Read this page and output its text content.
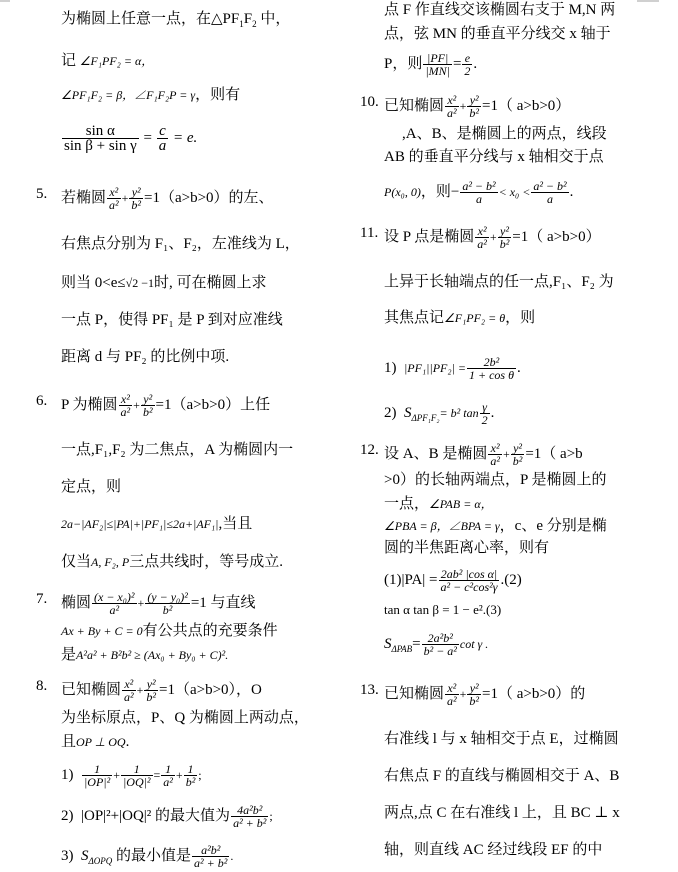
为椭圆上任意一点，在$\triangle PF_1F_2$ 中，
记 ∠F₁PF₂ = α，
∠PF₁F₂ = β，∠F₁F₂P = γ，则有
$\frac{\text{sin α}}{\text{sin β + sin γ}} = \frac{c}{a} = e$.
5. 若椭圆 $\frac{\text{x²}}{\text{a²}} + \frac{\text{y²}}{\text{b²}} =1(a>b>0)$的左、
右焦点分别为 F₁、F₂，左准线为 L，
则当 0<e≤√2 −1时, 可在椭圆上求
一点 P，使得 PF₁ 是 P 到对应准线
距离 d 与 PF₂ 的比例中项.
6. P 为椭圆 $\frac{\text{x²}}{\text{a²}} + \frac{\text{y²}}{\text{b²}} =1(a>b>0)$上任
一点,F₁,F₂ 为二焦点，A 为椭圆内一
定点，则
2a−|AF₂|≤|PA|+|PF₁|≤2a+|AF₁|,当且
仅当A, F₂, P三点共线时，等号成立.
7. 椭圆 $\frac{\text{(x − x₀)²}}{\text{a²}} + \frac{\text{(y − y₀)²}}{\text{b²}} =1$ 与直线
Ax + By + C = 0有公共点的充要条件
是A²a² + B²b² ≥ (Ax₀ + By₀ + C)².
8. 已知椭圆 $\frac{\text{x²}}{\text{a²}} + \frac{\text{y²}}{\text{b²}} =1(a>b>0)$，O
为坐标原点，P、Q 为椭圆上两动点，
且OP ⊥ OQ.
$1) \frac{1}{\text{|OP|²}} + \frac{1}{\text{|OQ|²}} = \frac{1}{\text{a²}} + \frac{1}{\text{b²}}$ ;
2) |OP|²+|OQ|² 的最大值为 $\frac{\text{4a²b²}}{\text{a² + b²}}$ ;
3) $S_{\Delta OPQ}$ 的最小值是 $\frac{\text{a²b²}}{\text{a² + b²}}$ .
点 F 作直线交该椭圆右支于 M,N 两
点，弦 MN 的垂直平分线交 x 轴于
P，则 $\frac{|PF|}{|MN|} = \frac{e}{2}$ .
10. 已知椭圆 $\frac{\text{x²}}{\text{a²}} + \frac{\text{y²}}{\text{b²}} =1$（ a>b>0）
,A、B、是椭圆上的两点，线段
AB 的垂直平分线与 x 轴相交于点
P(x₀, 0)，则− $\frac{\text{a² − b²}}{a} < x_0 < \frac{\text{a² − b²}}{a}$ .
11. 设 P 点是椭圆 $\frac{\text{x²}}{\text{a²}} + \frac{\text{y²}}{\text{b²}} =1$（ a>b>0）
上异于长轴端点的任一点,F₁、F₂ 为
其焦点记∠F₁PF₂ = θ，则
1) $|PF_1||PF_2| = \frac{\text{2b²}}{\text{1 + cos θ}}$ .
2) $S_{\Delta PF_1F_2}= b^2$ $\tan \frac{\gamma}{2}$ .
12. 设 A、B 是椭圆 $\frac{\text{x²}}{\text{a²}} + \frac{\text{y²}}{\text{b²}} =1$（ a>b
>0）的长轴两端点，P 是椭圆上的
一点，∠PAB = α，
∠PBA = β，∠BPA = γ，c、e 分别是椭
圆的半焦距离心率，则有
$(1)|PA| = \frac{\text{2ab² |cos α|}}{\text{a² − c²cos²γ}} .(2)$
tan α tan β = 1 − e².(3)
$S_{\Delta PAB}= \frac{\text{2a²b²}}{\text{b² − a²}}$ cot γ .
13. 已知椭圆 $\frac{\text{x²}}{\text{a²}} + \frac{\text{y²}}{\text{b²}} =1$（ a>b>0）的
右准线 l 与 x 轴相交于点 E，过椭圆
右焦点 F 的直线与椭圆相交于 A、B
两点,点 C 在右准线 l 上，且 BC ⊥ x
轴，则直线 AC 经过线段 EF 的中
